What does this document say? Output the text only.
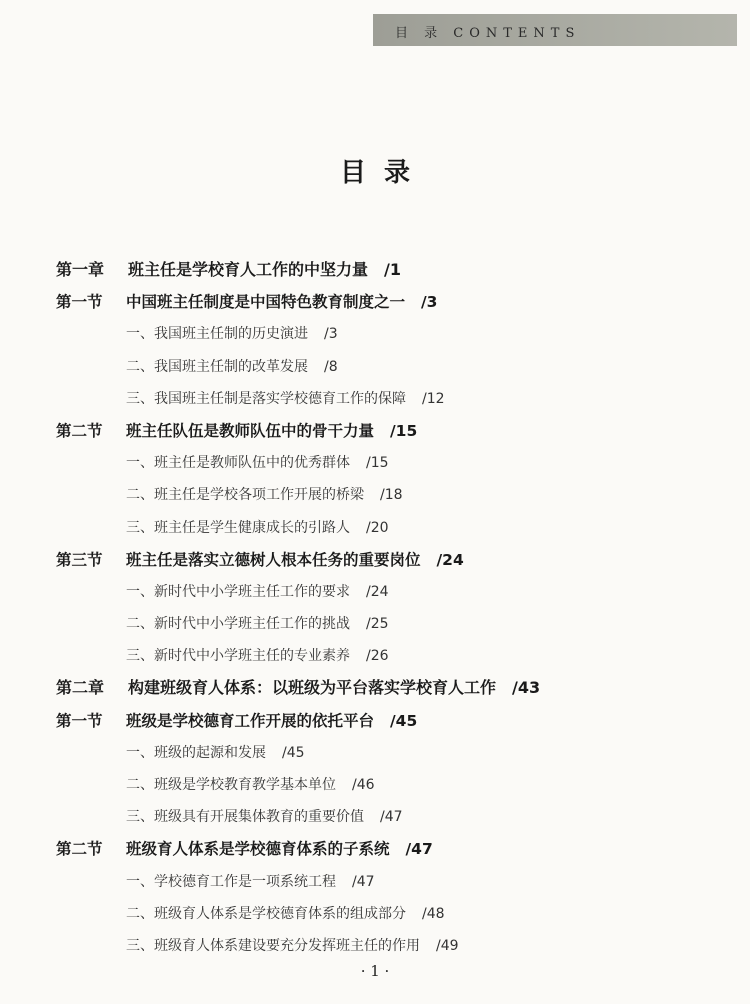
目 录 CONTENTS
目录
第一章 班主任是学校育人工作的中坚力量 /1
第一节 中国班主任制度是中国特色教育制度之一 /3
一、我国班主任制的历史演进 /3
二、我国班主任制的改革发展 /8
三、我国班主任制是落实学校德育工作的保障 /12
第二节 班主任队伍是教师队伍中的骨干力量 /15
一、班主任是教师队伍中的优秀群体 /15
二、班主任是学校各项工作开展的桥梁 /18
三、班主任是学生健康成长的引路人 /20
第三节 班主任是落实立德树人根本任务的重要岗位 /24
一、新时代中小学班主任工作的要求 /24
二、新时代中小学班主任工作的挑战 /25
三、新时代中小学班主任的专业素养 /26
第二章 构建班级育人体系：以班级为平台落实学校育人工作 /43
第一节 班级是学校德育工作开展的依托平台 /45
一、班级的起源和发展 /45
二、班级是学校教育教学基本单位 /46
三、班级具有开展集体教育的重要价值 /47
第二节 班级育人体系是学校德育体系的子系统 /47
一、学校德育工作是一项系统工程 /47
二、班级育人体系是学校德育体系的组成部分 /48
三、班级育人体系建设要充分发挥班主任的作用 /49
· 1 ·
